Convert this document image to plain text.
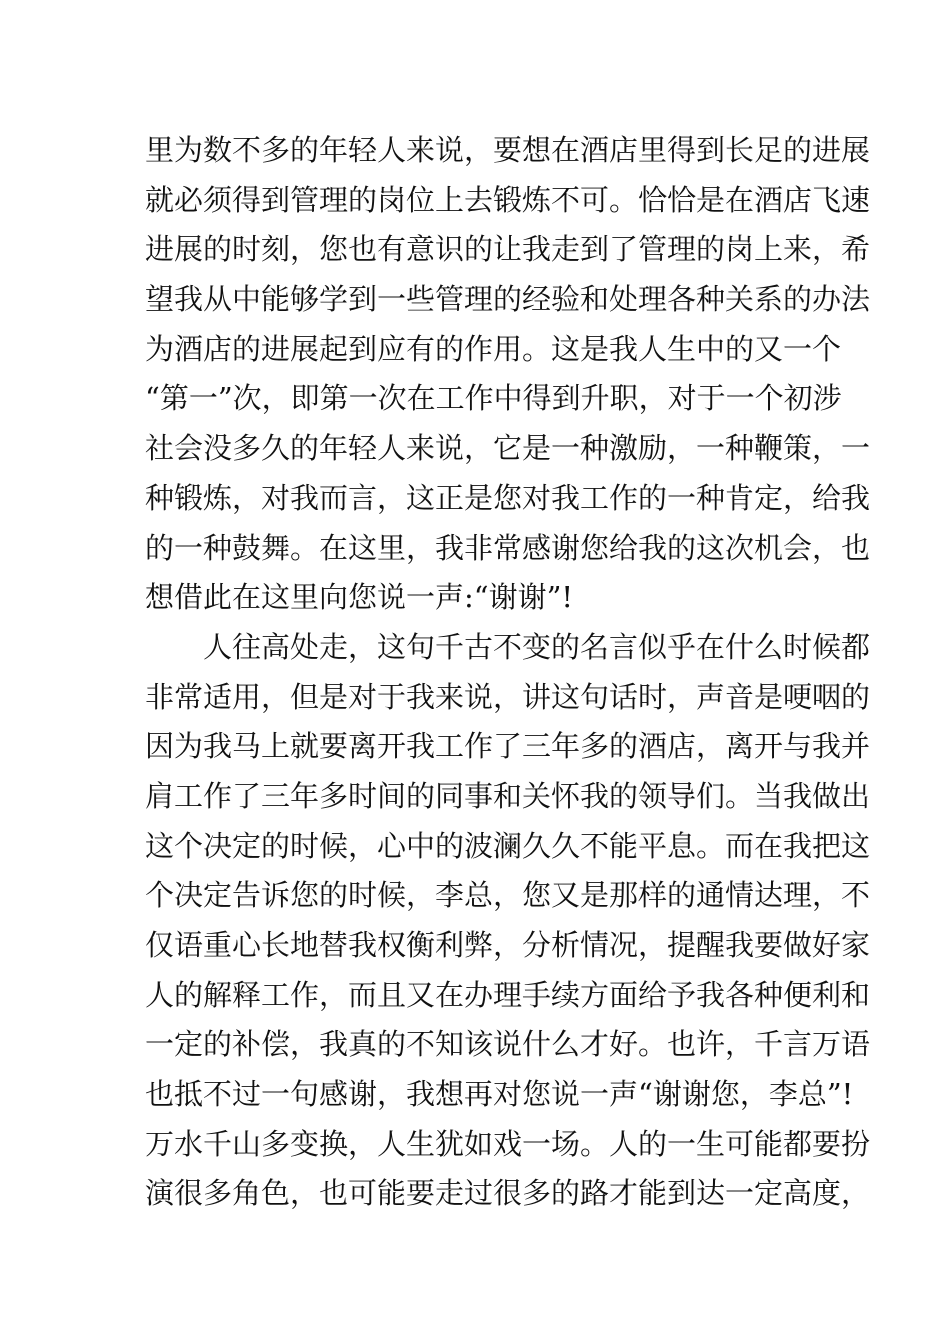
里为数不多的年轻人来说，要想在酒店里得到长足的进展
就必须得到管理的岗位上去锻炼不可。恰恰是在酒店飞速
进展的时刻，您也有意识的让我走到了管理的岗上来，希
望我从中能够学到一些管理的经验和处理各种关系的办法
为酒店的进展起到应有的作用。这是我人生中的又一个
“第一”次，即第一次在工作中得到升职，对于一个初涉
社会没多久的年轻人来说，它是一种激励，一种鞭策，一
种锻炼，对我而言，这正是您对我工作的一种肯定，给我
的一种鼓舞。在这里，我非常感谢您给我的这次机会，也
想借此在这里向您说一声:“谢谢”!
人往高处走，这句千古不变的名言似乎在什么时候都
非常适用，但是对于我来说，讲这句话时，声音是哽咽的
因为我马上就要离开我工作了三年多的酒店，离开与我并
肩工作了三年多时间的同事和关怀我的领导们。当我做出
这个决定的时候，心中的波澜久久不能平息。而在我把这
个决定告诉您的时候，李总，您又是那样的通情达理，不
仅语重心长地替我权衡利弊，分析情况，提醒我要做好家
人的解释工作，而且又在办理手续方面给予我各种便利和
一定的补偿，我真的不知该说什么才好。也许，千言万语
也抵不过一句感谢，我想再对您说一声“谢谢您，李总”!
万水千山多变换，人生犹如戏一场。人的一生可能都要扮
演很多角色，也可能要走过很多的路才能到达一定高度，
